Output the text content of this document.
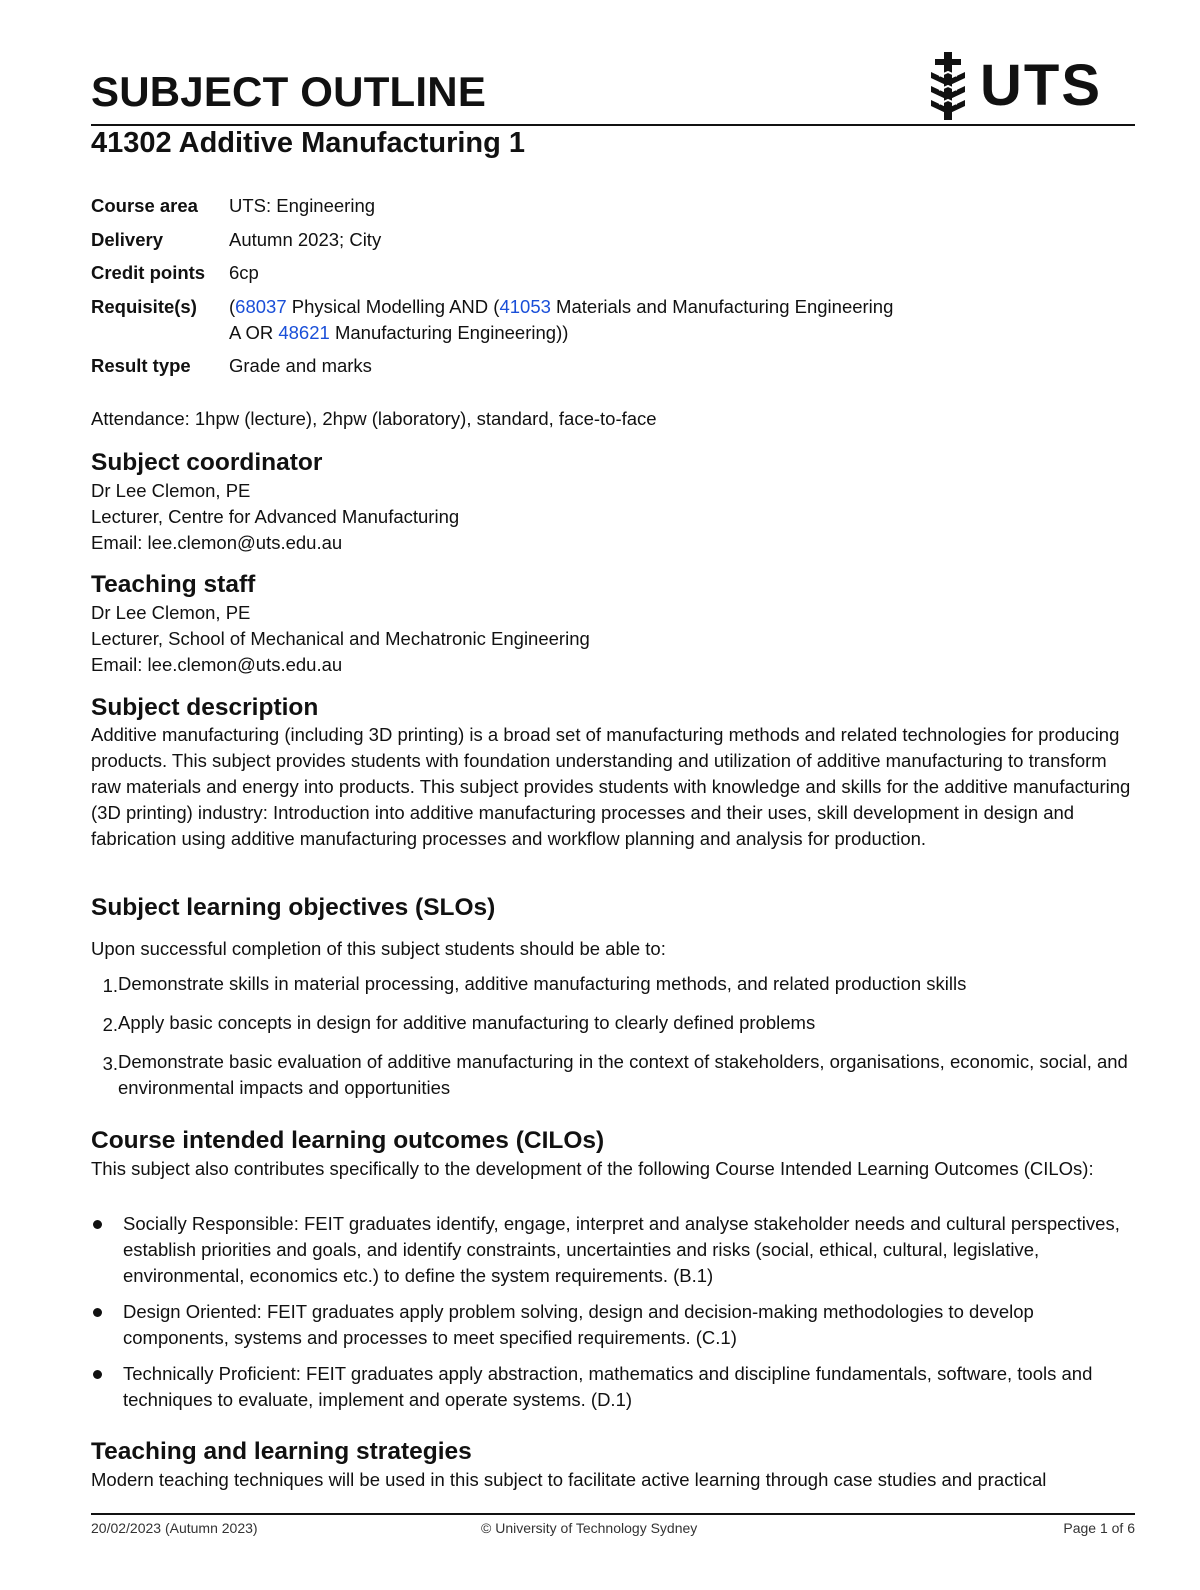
SUBJECT OUTLINE	UTS
41302 Additive Manufacturing 1
Course area	UTS: Engineering
Delivery	Autumn 2023; City
Credit points	6cp
Requisite(s)	(68037 Physical Modelling AND (41053 Materials and Manufacturing Engineering
A OR 48621 Manufacturing Engineering))
Result type	Grade and marks

Attendance: 1hpw (lecture), 2hpw (laboratory), standard, face-to-face

Subject coordinator
Dr Lee Clemon, PE
Lecturer, Centre for Advanced Manufacturing
Email: lee.clemon@uts.edu.au
Teaching staff
Dr Lee Clemon, PE
Lecturer, School of Mechanical and Mechatronic Engineering
Email: lee.clemon@uts.edu.au
Subject description

Additive manufacturing (including 3D printing) is a broad set of manufacturing methods and related technologies for producing products. This subject provides students with foundation understanding and utilization of additive manufacturing to transform raw materials and energy into products. This subject provides students with knowledge and skills for the additive manufacturing (3D printing) industry: Introduction into additive manufacturing processes and their uses, skill development in design and fabrication using additive manufacturing processes and workflow planning and analysis for production.

Subject learning objectives (SLOs)

Upon successful completion of this subject students should be able to:

1. Demonstrate skills in material processing, additive manufacturing methods, and related production skills
2. Apply basic concepts in design for additive manufacturing to clearly defined problems
3. Demonstrate basic evaluation of additive manufacturing in the context of stakeholders, organisations, economic, social, and environmental impacts and opportunities
Course intended learning outcomes (CILOs)

This subject also contributes specifically to the development of the following Course Intended Learning Outcomes (CILOs):

Socially Responsible: FEIT graduates identify, engage, interpret and analyse stakeholder needs and cultural perspectives, establish priorities and goals, and identify constraints, uncertainties and risks (social, ethical, cultural, legislative, environmental, economics etc.) to define the system requirements. (B.1)
Design Oriented: FEIT graduates apply problem solving, design and decision-making methodologies to develop components, systems and processes to meet specified requirements. (C.1)
Technically Proficient: FEIT graduates apply abstraction, mathematics and discipline fundamentals, software, tools and techniques to evaluate, implement and operate systems. (D.1)
Teaching and learning strategies

Modern teaching techniques will be used in this subject to facilitate active learning through case studies and practical

20/02/2023 (Autumn 2023)	© University of Technology Sydney	Page 1 of 6
